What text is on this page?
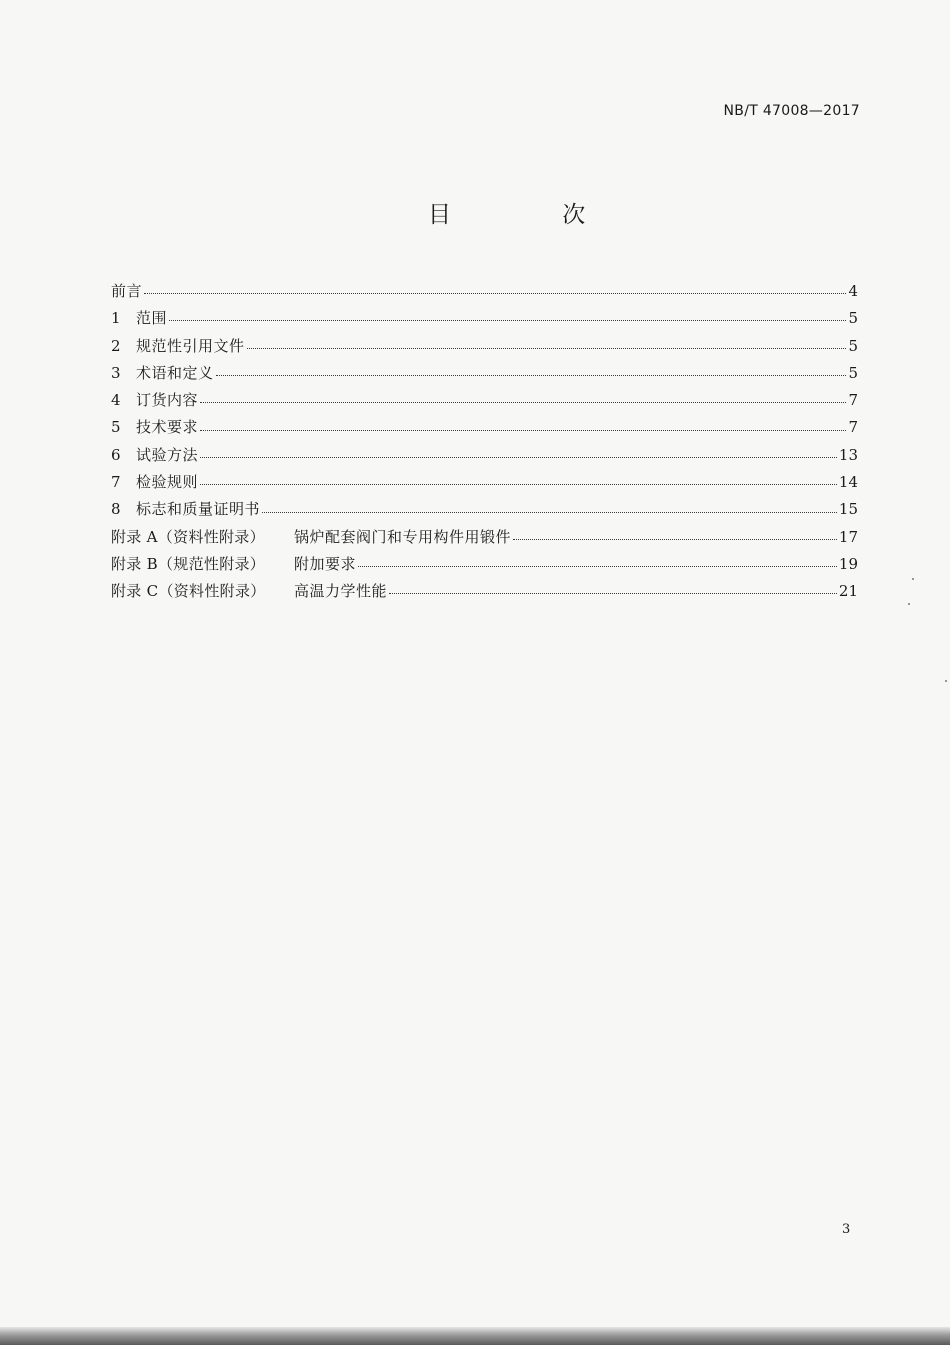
NB/T 47008—2017
目 次
前言	4
1	范围	5
2	规范性引用文件	5
3	术语和定义	5
4	订货内容	7
5	技术要求	7
6	试验方法	13
7	检验规则	14
8	标志和质量证明书	15
附录 A（资料性附录）	锅炉配套阀门和专用构件用锻件	17
附录 B（规范性附录）	附加要求	19
附录 C（资料性附录）	高温力学性能	21
3
